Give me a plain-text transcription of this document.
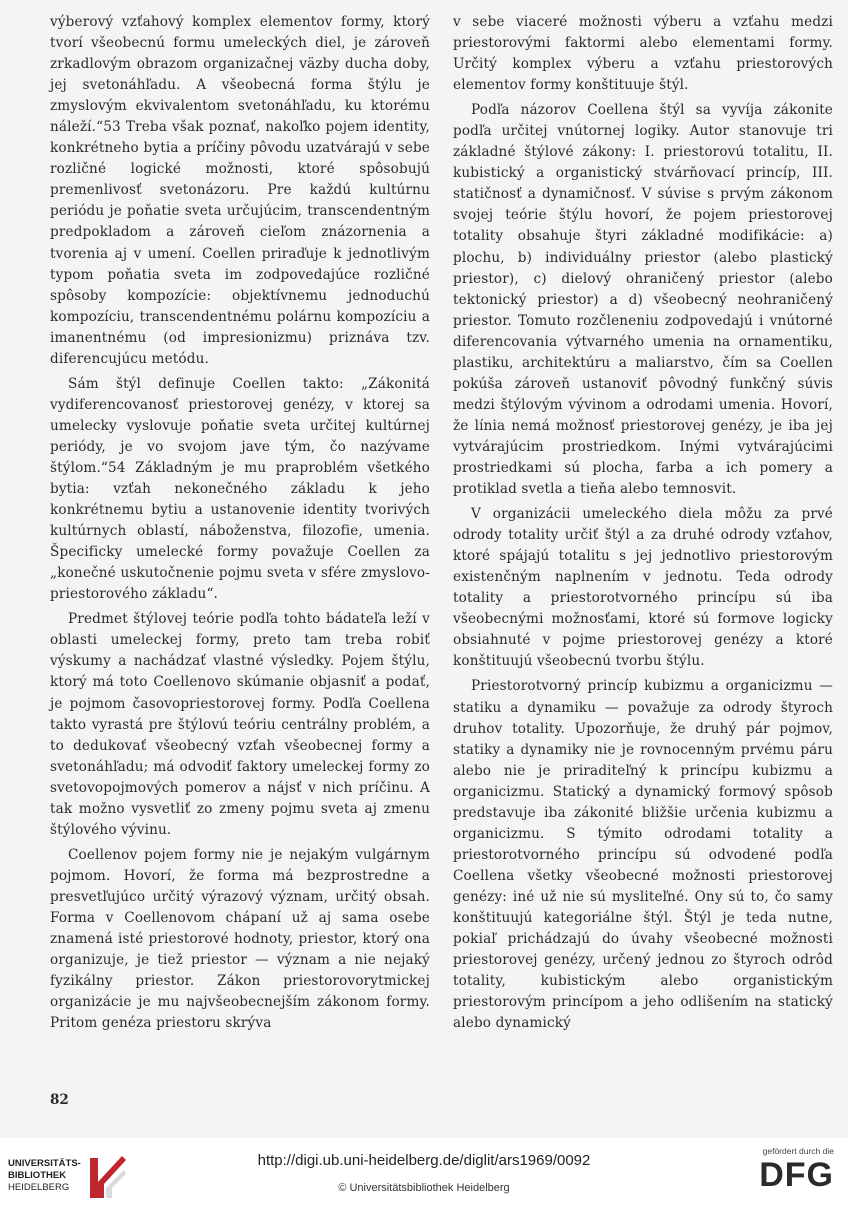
výberový vzťahový komplex elementov formy, ktorý tvorí všeobecnú formu umeleckých diel, je zároveň zrkadlovým obrazom organizačnej väzby ducha doby, jej svetonáhľadu. A všeobecná forma štýlu je zmyslovým ekvivalentom svetonáhľadu, ku ktorému náleží.“53 Treba však poznať, nakoľko pojem identity, konkrétneho bytia a príčiny pôvodu uzatvárajú v sebe rozličné logické možnosti, ktoré spôsobujú premenlivosť svetonázoru. Pre každú kultúrnu periódu je poňatie sveta určujúcim, transcendentným predpokladom a zároveň cieľom znázornenia a tvorenia aj v umení. Coellen priraďuje k jednotlivým typom poňatia sveta im zodpovedajúce rozličné spôsoby kompozície: objektívnemu jednoduchú kompozíciu, transcendentnému polárnu kompozíciu a imanentnému (od impresionizmu) priznáva tzv. diferencujúcu metódu.

Sám štýl definuje Coellen takto: „Zákonitá vydiferencovanosť priestorovej genézy, v ktorej sa umelecky vyslovuje poňatie sveta určitej kultúrnej periódy, je vo svojom jave tým, čo nazývame štýlom.“54 Základným je mu praproblém všetkého bytia: vzťah nekonečného základu k jeho konkrétnemu bytiu a ustanovenie identity tvorivých kultúrnych oblastí, náboženstva, filozofie, umenia. Špecificky umelecké formy považuje Coellen za „konečné uskutočnenie pojmu sveta v sfére zmyslovo-priestorového základu“.

Predmet štýlovej teórie podľa tohto bádateľa leží v oblasti umeleckej formy, preto tam treba robiť výskumy a nachádzať vlastné výsledky. Pojem štýlu, ktorý má toto Coellenovo skúmanie objasniť a podať, je pojmom časovopriestorovej formy. Podľa Coellena takto vyrastá pre štýlovú teóriu centrálny problém, a to dedukovať všeobecný vzťah všeobecnej formy a svetonáhľadu; má odvodiť faktory umeleckej formy zo svetovopojmových pomerov a nájsť v nich príčinu. A tak možno vysvetliť zo zmeny pojmu sveta aj zmenu štýlového vývinu.

Coellenov pojem formy nie je nejakým vulgárnym pojmom. Hovorí, že forma má bezprostredne a presvetľujúco určitý výrazový význam, určitý obsah. Forma v Coellenovom chápaní už aj sama osebe znamená isté priestorové hodnoty, priestor, ktorý ona organizuje, je tiež priestor — význam a nie nejaký fyzikálny priestor. Zákon priestorovorytmickej organizácie je mu najvšeobecnejším zákonom formy. Pritom genéza priestoru skrýva

v sebe viaceré možnosti výberu a vzťahu medzi priestorovými faktormi alebo elementami formy. Určitý komplex výberu a vzťahu priestorových elementov formy konštituuje štýl.

Podľa názorov Coellena štýl sa vyvíja zákonite podľa určitej vnútornej logiky. Autor stanovuje tri základné štýlové zákony: I. priestorovú totalitu, II. kubistický a organistický stvárňovací princíp, III. statičnosť a dynamičnosť. V súvise s prvým zákonom svojej teórie štýlu hovorí, že pojem priestorovej totality obsahuje štyri základné modifikácie: a) plochu, b) individuálny priestor (alebo plastický priestor), c) dielový ohraničený priestor (alebo tektonický priestor) a d) všeobecný neohraničený priestor. Tomuto rozčleneniu zodpovedajú i vnútorné diferencovania výtvarného umenia na ornamentiku, plastiku, architektúru a maliarstvo, čím sa Coellen pokúša zároveň ustanoviť pôvodný funkčný súvis medzi štýlovým vývinom a odrodami umenia. Hovorí, že línia nemá možnosť priestorovej genézy, je iba jej vytvárajúcim prostriedkom. Inými vytvárajúcimi prostriedkami sú plocha, farba a ich pomery a protiklad svetla a tieňa alebo temnosvit.

V organizácii umeleckého diela môžu za prvé odrody totality určiť štýl a za druhé odrody vzťahov, ktoré spájajú totalitu s jej jednotlivo priestorovým existenčným naplnením v jednotu. Teda odrody totality a priestorotvorného princípu sú iba všeobecnými možnosťami, ktoré sú formove logicky obsiahnuté v pojme priestorovej genézy a ktoré konštituujú všeobecnú tvorbu štýlu.

Priestorotvorný princíp kubizmu a organicizmu — statiku a dynamiku — považuje za odrody štyroch druhov totality. Upozorňuje, že druhý pár pojmov, statiky a dynamiky nie je rovnocenným prvému páru alebo nie je priraditeľný k princípu kubizmu a organicizmu. Statický a dynamický formový spôsob predstavuje iba zákonité bližšie určenia kubizmu a organicizmu. S týmito odrodami totality a priestorotvorného princípu sú odvodené podľa Coellena všetky všeobecné možnosti priestorovej genézy: iné už nie sú mysliteľné. Ony sú to, čo samy konštituujú kategoriálne štýl. Štýl je teda nutne, pokiaľ prichádzajú do úvahy všeobecné možnosti priestorovej genézy, určený jednou zo štyroch odrôd totality, kubistickým alebo organistickým priestorovým princípom a jeho odlišením na statický alebo dynamický

82
UNIVERSITÄTS-
BIBLIOTHEK
HEIDELBERG
http://digi.ub.uni-heidelberg.de/diglit/ars1969/0092
© Universitätsbibliothek Heidelberg
gefördert durch die
DFG
